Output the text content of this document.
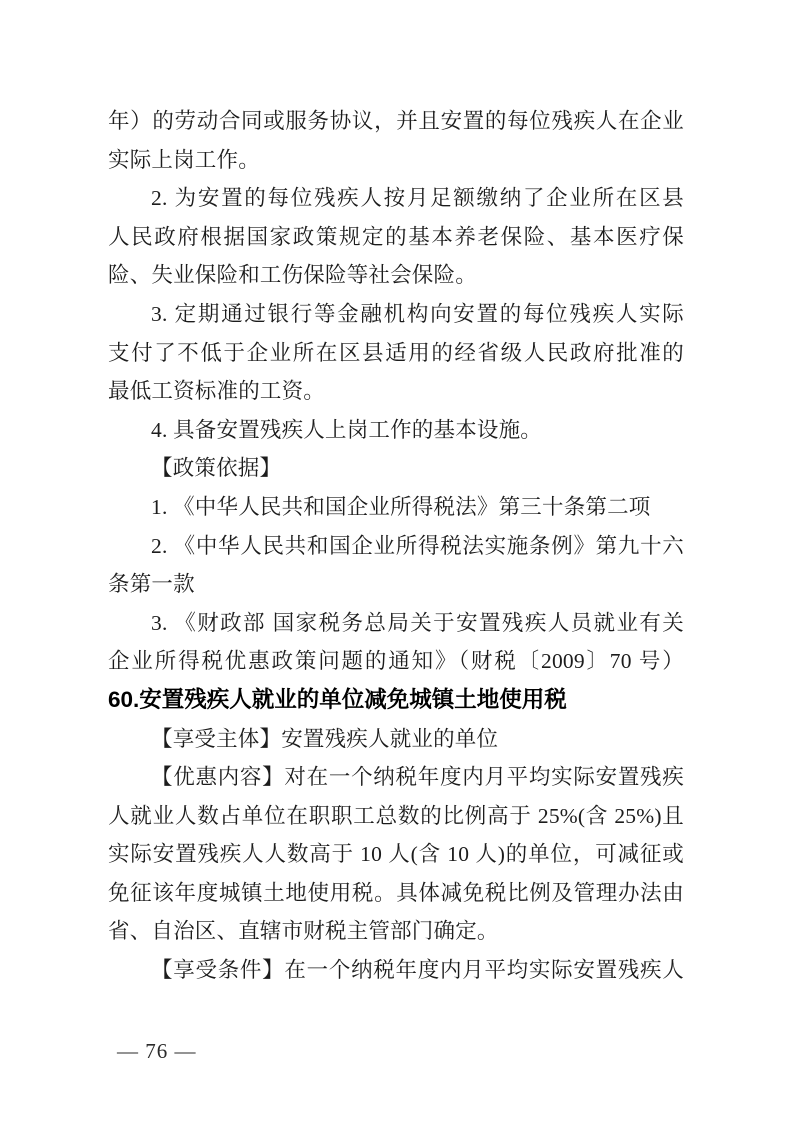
年）的劳动合同或服务协议，并且安置的每位残疾人在企业
实际上岗工作。
2. 为安置的每位残疾人按月足额缴纳了企业所在区县
人民政府根据国家政策规定的基本养老保险、基本医疗保
险、失业保险和工伤保险等社会保险。
3. 定期通过银行等金融机构向安置的每位残疾人实际
支付了不低于企业所在区县适用的经省级人民政府批准的
最低工资标准的工资。
4. 具备安置残疾人上岗工作的基本设施。
【政策依据】
1. 《中华人民共和国企业所得税法》第三十条第二项
2. 《中华人民共和国企业所得税法实施条例》第九十六
条第一款
3. 《财政部 国家税务总局关于安置残疾人员就业有关
企业所得税优惠政策问题的通知》（财税〔2009〕70 号）
60.安置残疾人就业的单位减免城镇土地使用税
【享受主体】安置残疾人就业的单位
【优惠内容】对在一个纳税年度内月平均实际安置残疾
人就业人数占单位在职职工总数的比例高于 25%(含 25%)且
实际安置残疾人人数高于 10 人(含 10 人)的单位，可减征或
免征该年度城镇土地使用税。具体减免税比例及管理办法由
省、自治区、直辖市财税主管部门确定。
【享受条件】在一个纳税年度内月平均实际安置残疾人
— 76 —
